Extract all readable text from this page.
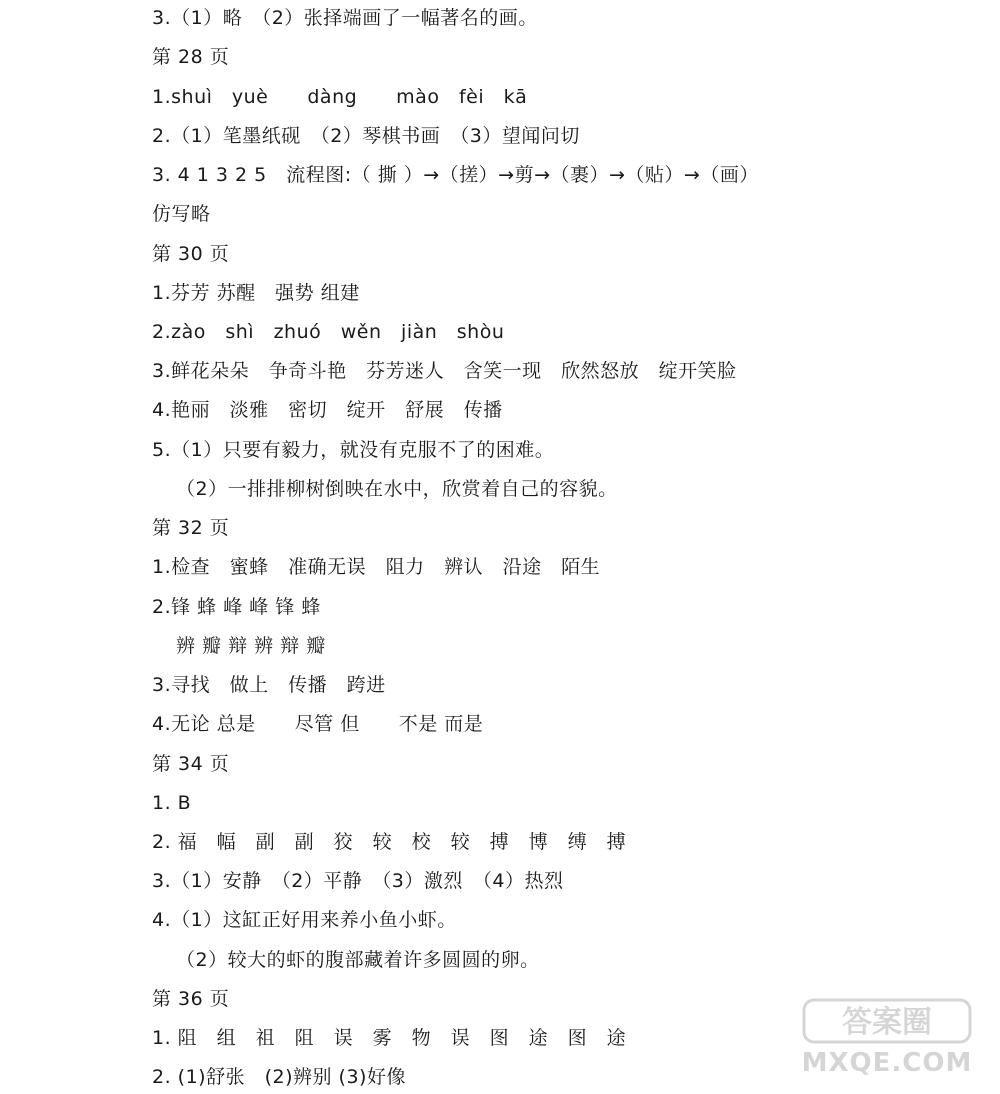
3.（1）略　（2）张择端画了一幅著名的画。
第 28 页
1.shuì　yuè　　dàng　　mào　fèi　kā
2.（1）笔墨纸砚　（2）琴棋书画　（3）望闻问切
3. 4 1 3 2 5　流程图:（ 撕 ）→（搓）→剪→（裹）→（贴）→（画）
仿写略
第 30 页
1.芬芳 苏醒　强势 组建
2.zào　shì　zhuó　wěn　jiàn　shòu
3.鲜花朵朵　争奇斗艳　芬芳迷人　含笑一现　欣然怒放　绽开笑脸
4.艳丽　淡雅　密切　绽开　舒展　传播
5.（1）只要有毅力，就没有克服不了的困难。
（2）一排排柳树倒映在水中，欣赏着自己的容貌。
第 32 页
1.检查　蜜蜂　准确无误　阻力　辨认　沿途　陌生
2.锋 蜂 峰 峰 锋 蜂
辨 瓣 辩 辨 辩 瓣
3.寻找　做上　传播　跨进
4.无论 总是　　尽管 但　　不是 而是
第 34 页
1. B
2. 福　幅　副　副　狡　较　校　较　搏　博　缚　搏
3.（1）安静　（2）平静　（3）激烈　（4）热烈
4.（1）这缸正好用来养小鱼小虾。
（2）较大的虾的腹部藏着许多圆圆的卵。
第 36 页
1. 阻　组　祖　阻　误　雾　物　误　图　途　图　途
2. (1)舒张　(2)辨别 (3)好像
答案圈
MXQE.COM
